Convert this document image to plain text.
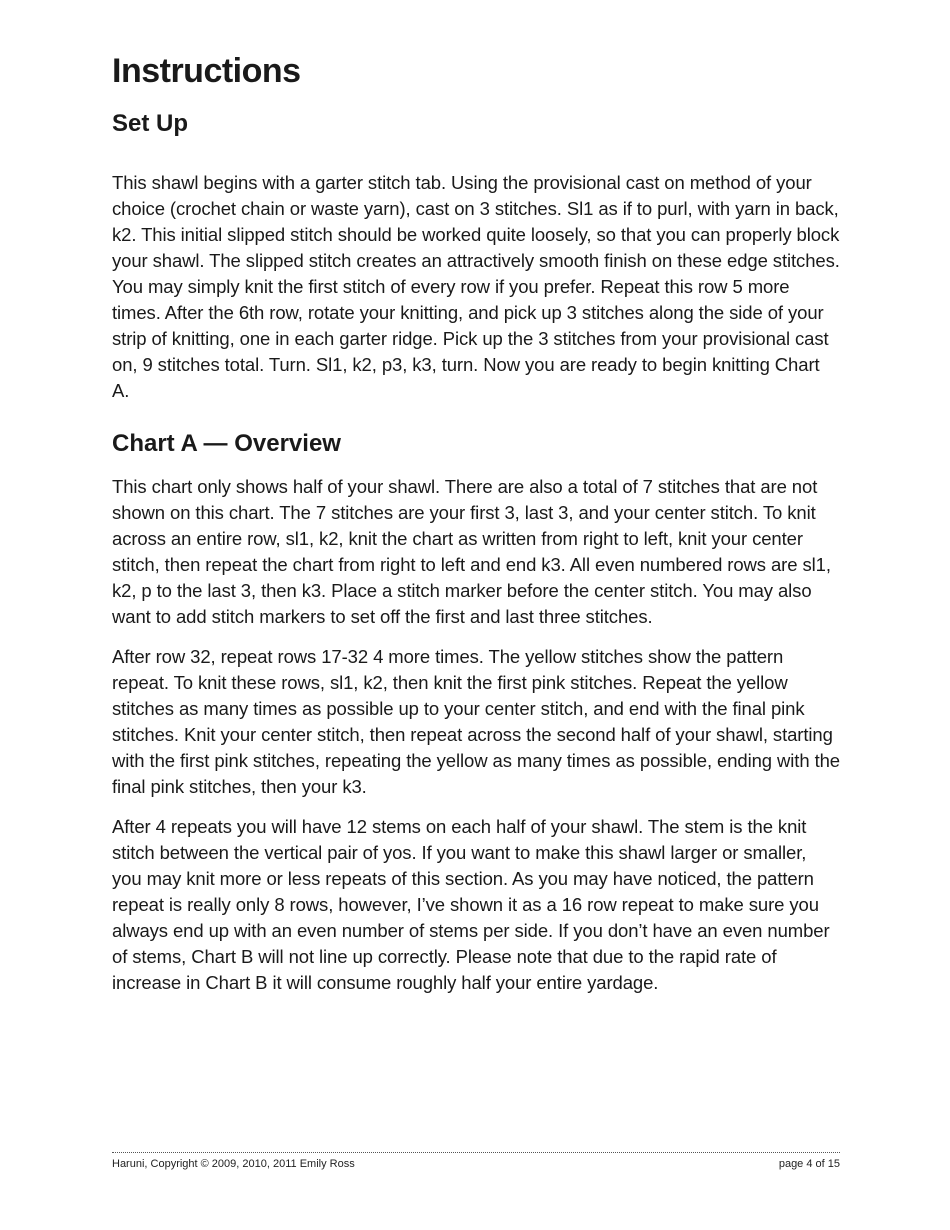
Instructions
Set Up

This shawl begins with a garter stitch tab. Using the provisional cast on method of your choice (crochet chain or waste yarn), cast on 3 stitches. Sl1 as if to purl, with yarn in back, k2. This initial slipped stitch should be worked quite loosely, so that you can properly block your shawl. The slipped stitch creates an attractively smooth finish on these edge stitches. You may simply knit the first stitch of every row if you prefer. Repeat this row 5 more times. After the 6th row, rotate your knitting, and pick up 3 stitches along the side of your strip of knitting, one in each garter ridge. Pick up the 3 stitches from your provisional cast on, 9 stitches total. Turn. Sl1, k2, p3, k3, turn. Now you are ready to begin knitting Chart A.

Chart A — Overview

This chart only shows half of your shawl. There are also a total of 7 stitches that are not shown on this chart. The 7 stitches are your first 3, last 3, and your center stitch. To knit across an entire row, sl1, k2, knit the chart as written from right to left, knit your center stitch, then repeat the chart from right to left and end k3. All even numbered rows are sl1, k2, p to the last 3, then k3. Place a stitch marker before the center stitch. You may also want to add stitch markers to set off the first and last three stitches.

After row 32, repeat rows 17-32 4 more times. The yellow stitches show the pattern repeat. To knit these rows, sl1, k2, then knit the first pink stitches. Repeat the yellow stitches as many times as possible up to your center stitch, and end with the final pink stitches. Knit your center stitch, then repeat across the second half of your shawl, starting with the first pink stitches, repeating the yellow as many times as possible, ending with the final pink stitches, then your k3.

After 4 repeats you will have 12 stems on each half of your shawl. The stem is the knit stitch between the vertical pair of yos. If you want to make this shawl larger or smaller, you may knit more or less repeats of this section. As you may have noticed, the pattern repeat is really only 8 rows, however, I’ve shown it as a 16 row repeat to make sure you always end up with an even number of stems per side. If you don’t have an even number of stems, Chart B will not line up correctly. Please note that due to the rapid rate of increase in Chart B it will consume roughly half your entire yardage.

Haruni, Copyright © 2009, 2010, 2011 Emily Ross	page 4 of 15
